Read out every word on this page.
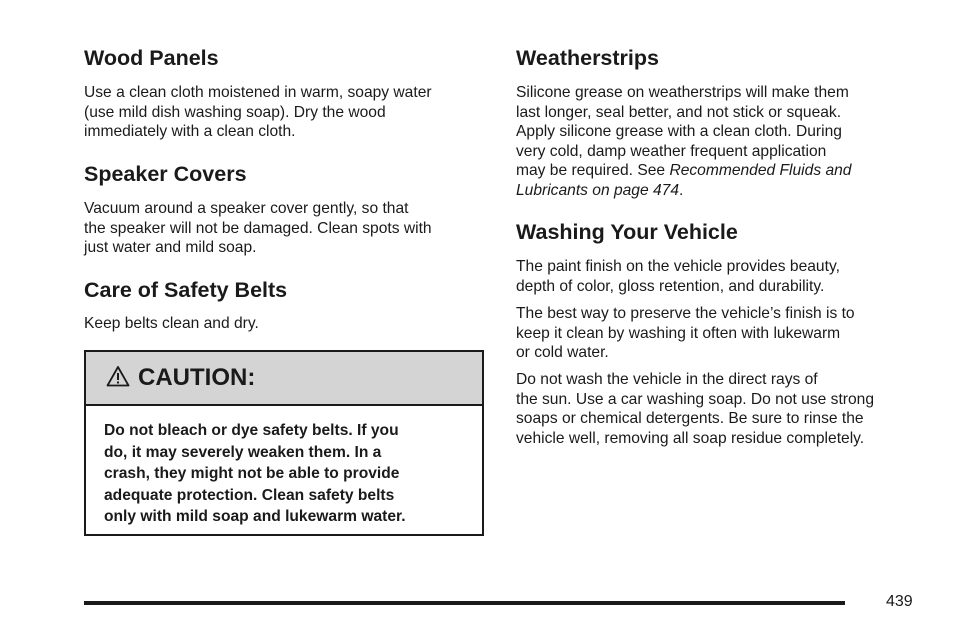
Wood Panels

Use a clean cloth moistened in warm, soapy water
(use mild dish washing soap). Dry the wood
immediately with a clean cloth.

Speaker Covers

Vacuum around a speaker cover gently, so that
the speaker will not be damaged. Clean spots with
just water and mild soap.

Care of Safety Belts

Keep belts clean and dry.

CAUTION:
Do not bleach or dye safety belts. If you
do, it may severely weaken them. In a
crash, they might not be able to provide
adequate protection. Clean safety belts
only with mild soap and lukewarm water.
Weatherstrips

Silicone grease on weatherstrips will make them
last longer, seal better, and not stick or squeak.
Apply silicone grease with a clean cloth. During
very cold, damp weather frequent application
may be required. See Recommended Fluids and
Lubricants on page 474.

Washing Your Vehicle

The paint finish on the vehicle provides beauty,
depth of color, gloss retention, and durability.

The best way to preserve the vehicle’s finish is to
keep it clean by washing it often with lukewarm
or cold water.

Do not wash the vehicle in the direct rays of
the sun. Use a car washing soap. Do not use strong
soaps or chemical detergents. Be sure to rinse the
vehicle well, removing all soap residue completely.

439
